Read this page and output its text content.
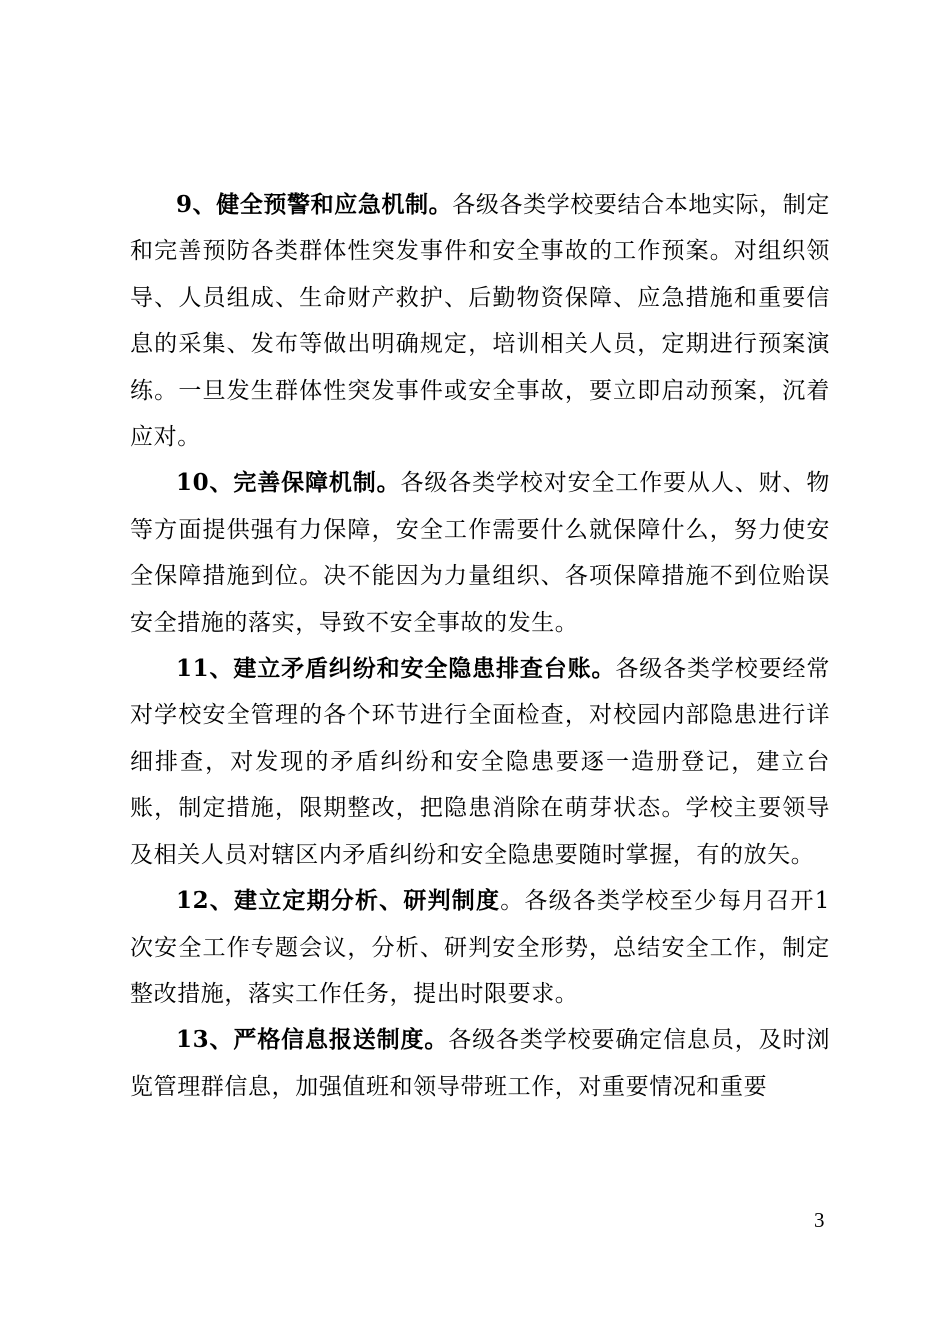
9、健全预警和应急机制。各级各类学校要结合本地实际，制定和完善预防各类群体性突发事件和安全事故的工作预案。对组织领导、人员组成、生命财产救护、后勤物资保障、应急措施和重要信息的采集、发布等做出明确规定，培训相关人员，定期进行预案演练。一旦发生群体性突发事件或安全事故，要立即启动预案，沉着应对。

10、完善保障机制。各级各类学校对安全工作要从人、财、物等方面提供强有力保障，安全工作需要什么就保障什么，努力使安全保障措施到位。决不能因为力量组织、各项保障措施不到位贻误安全措施的落实，导致不安全事故的发生。

11、建立矛盾纠纷和安全隐患排查台账。各级各类学校要经常对学校安全管理的各个环节进行全面检查，对校园内部隐患进行详细排查，对发现的矛盾纠纷和安全隐患要逐一造册登记，建立台账，制定措施，限期整改，把隐患消除在萌芽状态。学校主要领导及相关人员对辖区内矛盾纠纷和安全隐患要随时掌握，有的放矢。

12、建立定期分析、研判制度。各级各类学校至少每月召开1次安全工作专题会议，分析、研判安全形势，总结安全工作，制定整改措施，落实工作任务，提出时限要求。

13、严格信息报送制度。各级各类学校要确定信息员，及时浏览管理群信息，加强值班和领导带班工作，对重要情况和重要

3
